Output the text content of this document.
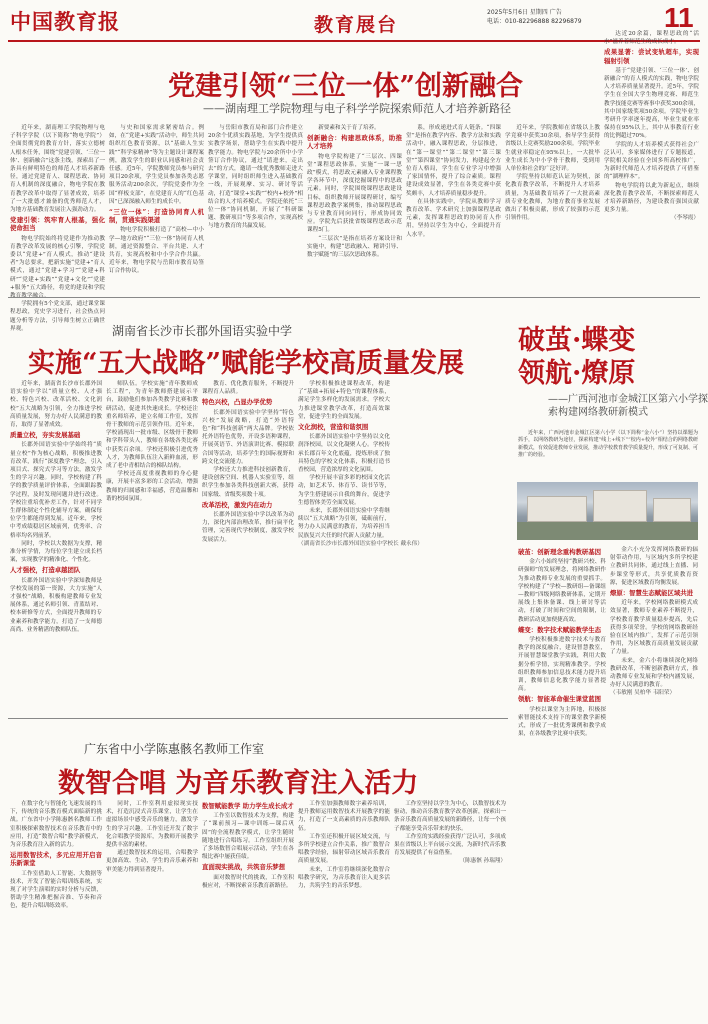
中国教育报	教育展台
2025年5月6日 星期四 广告
电话：010-82296888 82296879	11
党建引领“三位一体”创新融合
——湖南理工学院物理与电子科学学院探索师范人才培养新路径

近年来，湖南理工学院物理与电子科学学院（以下简称“物电学院”）全面贯彻党的教育方针，落实立德树人根本任务，围绕“党建引领、‘三位一体’、创新融合”这条主线，探索出了一条具有鲜明特色的师范人才培养新路径，通过党建育人、课程思政、协同育人机制的深度融合，物电学院在教育教学改革中取得了显著成效，培养了一大批德才兼备的优秀师范人才，为地方基础教育发展注入强劲动力。

党建引领：筑牢育人根基，强化使命担当

物电学院始终将党建作为推动教育教学改革发展的核心引擎，学院党委以“党建+”育人模式，推动“建设者”为总要求，把新实施“党建+”育人模式，通过“党建+学习”“党建+科研”“党建+实践”“党建+文化”“党建+服务”五大路径，将党的建设和学院

学院拥有5个党支部，通过课堂课程思政，党史学习进行，社会热点问题分析等方法，引导师生树立正确世界观。

与史和国家需求紧密结合。例如，在“党建+实践”活动中，师生共同组织红色教育资源，以“基础人生实践”“科学家精神”等为主题设计课程案例，激发学生的职业认同感和社会责任感。近5年，学院教师党员参与研究项目20余项，学生党员参加各类志愿服务活动200余次，学院党委作为全国“样板支部”，在党建育人的“红色基因”已深深融入师生的成长中。

“三位一体”：打造协同育人机制，贯通实践渠道

物电学院积极打造了“高校—中小学—地方政府”“三位一体”协同育人机制，通过资源整合、平台共建、人才共育，实现高校和中小学合作共赢。近年来，物电学院与岳阳市教育局签订合作协议。

与岳阳市教育局和部门合作建立20余个优质实践基地，为学生提供真实教学场景，帮助学生在实践中提升教学能力。物电学院与20余所中小学签订合作协议，通过“请进来，走出去”的方式，邀请一线优秀教师走进大学课堂，同时组织师生进入基础教育一线，开展观摩、实习、研讨等活动，打造“课堂+实践”“校内+校外”相结合的人才培养模式。学院还依托“三位一体”协同机制，开展了“科研课题、教研项目”等多项合作，实现高校与地方教育的共赢发展。

新要素和关于育了培养。

创新融合：构建思政体系，助推人才培养

物电学院构建了“三层次、四课堂”课程思政体系，实施“一课一思政”模式，将思政元素融入专业课程教学各环节中，深度挖掘课程中的思政元素。同时，学院围绕课程思政建设目标，组织教师开展课程研讨，编写课程思政教学案例集，推动课程思政与专业教育同向同行，形成协同效应。学院先后获批省级课程思政示范课程5门。

“三层次”是指在培养方案设计和实施中，构建“思政融入、精讲引导、数字赋能”的三层次思政体系。

系，形成递进式育人链条。“四课堂”是指在教学内容、教学方法和实践活动中，融入课程思政，分层推进，在“第一课堂”“第二课堂”“第三课堂”“第四课堂”协同发力，构建起全方位育人格局，学生在专业学习中增强了家国情怀，提升了综合素质。课程建设成效显著，学生在各类竞赛中获奖颇丰，人才培养质量稳步提升。

在具体实践中，学院从教师学习教育改革、学术研究上加强课程思政元素，发挥课程思政的协同育人作用，坚持以学生为中心，全面提升育人水平。

近年来，学院教师在省级以上教学竞赛中获奖30余项，指导学生获得省级以上竞赛奖励200余项。学院毕业生就业率稳定在95%以上，一大批毕业生成长为中小学骨干教师，受到用人单位和社会的广泛好评。

学院坚持以师范认证为契机，深化教育教学改革，不断提升人才培养质量，为基础教育培养了一大批高素质专业化教师，为地方教育事业发展做出了积极贡献，形成了较强的示范引领作用。

达近20余篇，课程思政的“活水”滋养着师范生的成长成才。

成果显著：尝试变轨超车，实现辐射引领

基于“党建引领、‘三位一体’、创新融合”的育人模式的实践，物电学院人才培养质量显著提升。近5年，学院学生在全国大学生物理竞赛、师范生教学技能竞赛等赛事中获奖300余项，其中国家级奖项50余项。学院毕业生考研升学率逐年提高，毕业生就业率保持在95%以上，其中从事教育行业的比例超过70%。

学院的人才培养模式获得社会广泛认可，多家媒体进行了专题报道，学院相关经验在全国多所高校推广，为新时代师范人才培养提供了可借鉴的“湖理样本”。

物电学院将以此为新起点，继续深化教育教学改革，不断探索师范人才培养新路径，为建设教育强国贡献更多力量。

（李琴霞）
湖南省长沙市长郡外国语实验中学
实施“五大战略”赋能学校高质量发展

近年来，湖南省长沙市长郡外国语实验中学以“质量立校、人才强校、特色兴校、改革活校、文化润校”五大战略为引领，全力推进学校高质量发展，努力办好人民满意的教育，取得了显著成效。

质量立校，夯实发展基础

长郡外国语实验中学始终将“质量立校”作为核心战略，积极推进教育改革，践行“深度教学”理念，引入项目式、探究式学习等方法，激发学生的学习兴趣。同时，学校构建了科学的教学质量评价体系，全面跟踪教学过程，及时发现问题并进行改进。学校注重培优补差工作，针对不同学生群体制定个性化辅导方案，确保每位学生都能得到发展。近年来，学校中考成绩稳居区域前列，优秀率、合格率均名列前茅。

同时，学校以大数据为支撑，精准分析学情，为每位学生建立成长档案，实现教学的精准化、个性化。

人才强校，打造卓越团队

长郡外国语实验中学深知教师是学校发展的第一资源，大力实施“人才强校”战略，积极构建教师专业发展体系，通过名师引领、青蓝结对、校本研修等方式，全面提升教师的专业素养和教学能力，打造了一支师德高尚、业务精湛的教师队伍。

师队伍。学校实施“青年教师成长工程”，为青年教师搭建展示平台，鼓励他们参加各类教学比赛和教研活动，促进其快速成长。学校还注重名师培养，建立名师工作室，发挥骨干教师的示范引领作用。近年来，学校涌现出一批市级、区级骨干教师和学科带头人，教师在各级各类比赛中获奖百余项。学校还积极引进优秀人才，为教师队伍注入新鲜血液，形成了老中青相结合的梯队结构。

学校还高度重视教师的身心健康，开展丰富多彩的工会活动，增强教师的归属感和幸福感，营造温馨和谐的校园氛围。

教育、优化教育服务，不断提升课程育人品质。

特色兴校，凸显办学优势

长郡外国语实验中学坚持“特色兴校”发展战略，打造“外语特色”和“科技创新”两大品牌。学校依托外语特色优势，开设多语种课程，开展英语节、外语演讲比赛、模拟联合国等活动，培养学生的国际视野和跨文化交流能力。

学校还大力推进科技创新教育，建设创客空间、机器人实验室等，组织学生参加各类科技创新大赛，获得国家级、省级奖项数十项。

改革活校，激发内在动力

长郡外国语实验中学以改革为动力，深化内部治理改革，推行扁平化管理，完善现代学校制度，激发学校发展活力。

学校积极推进课程改革，构建了“基础+拓展+特色”的课程体系，满足学生多样化的发展需求。学校大力推进课堂教学改革，打造高效课堂，促进学生的全面发展。

文化润校，营造和谐氛围

长郡外国语实验中学坚持以文化润泽校园，以文化凝聚人心。学校传承长郡百年文化底蕴，提炼形成了独具特色的学校文化体系，积极打造书香校园，营造浓厚的文化氛围。

学校开展丰富多彩的校园文化活动，如艺术节、体育节、读书节等，为学生搭建展示自我的舞台，促进学生德智体美劳全面发展。

未来，长郡外国语实验中学将继续以“五大战略”为引领，砥砺前行，努力办人民满意的教育，为培养担当民族复兴大任的时代新人贡献力量。

（湖南省长沙市长郡外国语实验中学校长 戴永伟）
破茧·蝶变
领航·燎原
——广西河池市金城江区第六小学探
索构建网络教研新模式

近年来，广西河池市金城江区第六小学（以下简称“金六小”）坚持以课题为抓手，以网络教研为途径，探索构建“线上+线下”“校内+校外”相结合的网络教研新模式，有效促进教师专业发展，推动学校教育教学质量提升，形成了可复制、可推广的经验。

破茧：创新理念重构教研基因

金六小始终坚持“教研兴校、科研强师”的发展理念，将网络教研作为推动教师专业发展的重要抓手。学校构建了“学校—教研组—备课组—教师”四级网络教研体系，定期开展线上集体备课、线上研讨等活动，打破了时间和空间的限制，让教研活动更加便捷高效。

蝶变：数字技术赋能教学生态

学校积极推进数字技术与教育教学的深度融合，建设智慧教室，开展智慧课堂教学实践，利用大数据分析学情，实现精准教学。学校组织教师参加信息技术能力提升培训，教师信息化教学能力显著提高。

领航：智能革命催生课堂蓝图

学校以课堂为主阵地，积极探索智能技术支持下的课堂教学新模式，形成了一批优秀课例和教学成果，在各级教学比赛中获奖。

金六小充分发挥网络教研的辐射带动作用，与区域内多所学校建立教研共同体，通过线上直播、同步课堂等形式，共享优质教育资源，促进区域教育均衡发展。

燎原：智慧生态赋能区域共进

近年来，学校网络教研模式成效显著，教师专业素养不断提升，学校教育教学质量稳步提高，先后获得多项荣誉。学校的网络教研经验在区域内推广，发挥了示范引领作用，为区域教育高质量发展贡献了力量。

未来，金六小将继续深化网络教研改革，不断创新教研方式，推动教师专业发展和学校内涵发展，办好人民满意的教育。

（韦敏刚 吴柏华 韦阳荣）
广东省中小学陈惠骸名教师工作室
数智合唱 为音乐教育注入活力

在数字化与智能化飞速发展的当下，传统的音乐教育模式面临新的挑战。广东省中小学陈惠骸名教师工作室积极探索数智技术在音乐教育中的应用，打造“数智合唱”教学新模式，为音乐教育注入新的活力。

运用数智技术，多元应用开启音乐新课堂

工作室借助人工智能、大数据等技术，开发了智能合唱训练系统，实现了对学生演唱的实时分析与反馈，帮助学生精准把握音准、节奏和音色，提升合唱训练效率。

同时，工作室利用虚拟现实技术，打造沉浸式音乐课堂，让学生在虚拟场景中感受音乐的魅力，激发学生的学习兴趣。工作室还开发了数字化合唱教学资源库，为教师开展教学提供丰富的素材。

通过数智技术的运用，合唱教学更加高效、生动，学生的音乐素养和审美能力得到显著提升。

数智赋能教学 助力学生成长成才

工作室以数智技术为支撑，构建了“课前预习—课中训练—课后巩固”的全流程教学模式，让学生随时随地进行合唱练习。工作室组织开展了多场数智合唱展示活动，学生在各级比赛中屡获佳绩。

直面现实挑战，共筑音乐梦想

面对数智时代的挑战，工作室积极应对，不断探索音乐教育新路径。

工作室加强教师数字素养培训，提升教师运用数智技术开展教学的能力，打造了一支高素质的音乐教师队伍。

工作室还积极开展区域交流，与多所学校建立合作关系，推广数智合唱教学经验，辐射带动区域音乐教育高质量发展。

未来，工作室将继续深化数智合唱教学研究，为音乐教育注入更多活力，共筑学生的音乐梦想。

工作室坚持以学生为中心，以数智技术为驱动，推动音乐教育教学改革创新，探索出一条音乐教育高质量发展的新路径，让每一个孩子都能享受音乐带来的快乐。

工作室的实践经验获得广泛认可，多项成果在省级以上平台展示交流，为新时代音乐教育发展提供了有益借鉴。

（陈惠骸 孙瑞翔）
